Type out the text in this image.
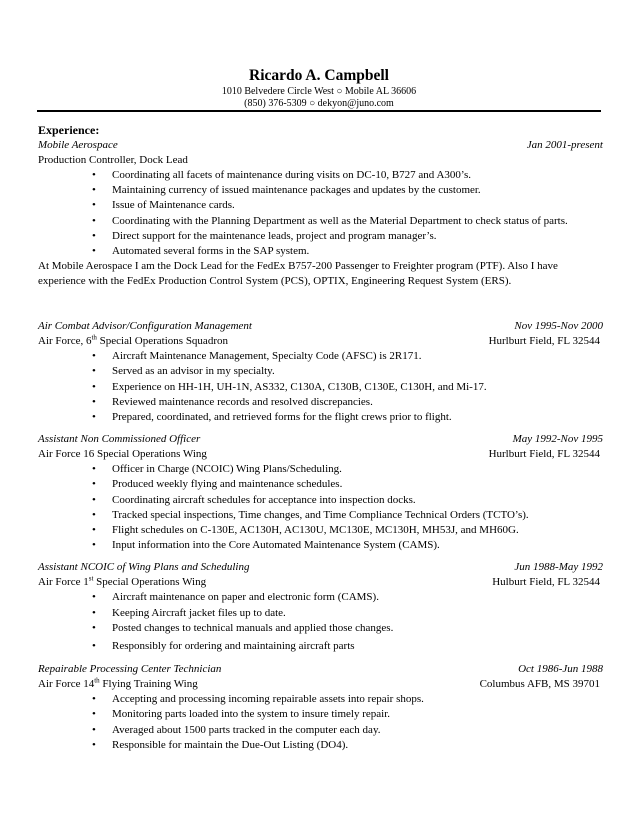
Ricardo A. Campbell
1010 Belvedere Circle West ○ Mobile AL 36606
(850) 376-5309 ○ dekyon@juno.com
Experience:
Mobile Aerospace	Jan 2001-present
Production Controller, Dock Lead
• Coordinating all facets of maintenance during visits on DC-10, B727 and A300’s.
• Maintaining currency of issued maintenance packages and updates by the customer.
• Issue of Maintenance cards.
• Coordinating with the Planning Department as well as the Material Department to check status of parts.
• Direct support for the maintenance leads, project and program manager’s.
• Automated several forms in the SAP system.
At Mobile Aerospace I am the Dock Lead for the FedEx B757-200 Passenger to Freighter program (PTF). Also I have experience with the FedEx Production Control System (PCS), OPTIX, Engineering Request System (ERS).
Air Combat Advisor/Configuration Management	Nov 1995-Nov 2000
Air Force, 6th Special Operations Squadron	Hurlburt Field, FL 32544
• Aircraft Maintenance Management, Specialty Code (AFSC) is 2R171.
• Served as an advisor in my specialty.
• Experience on HH-1H, UH-1N, AS332, C130A, C130B, C130E, C130H, and Mi-17.
• Reviewed maintenance records and resolved discrepancies.
• Prepared, coordinated, and retrieved forms for the flight crews prior to flight.
Assistant Non Commissioned Officer	May 1992-Nov 1995
Air Force 16 Special Operations Wing	Hurlburt Field, FL 32544
• Officer in Charge (NCOIC) Wing Plans/Scheduling.
• Produced weekly flying and maintenance schedules.
• Coordinating aircraft schedules for acceptance into inspection docks.
• Tracked special inspections, Time changes, and Time Compliance Technical Orders (TCTO’s).
• Flight schedules on C-130E, AC130H, AC130U, MC130E, MC130H, MH53J, and MH60G.
• Input information into the Core Automated Maintenance System (CAMS).
Assistant NCOIC of Wing Plans and Scheduling	Jun 1988-May 1992
Air Force 1st Special Operations Wing	Hulburt Field, FL 32544
• Aircraft maintenance on paper and electronic form (CAMS).
• Keeping Aircraft jacket files up to date.
• Posted changes to technical manuals and applied those changes.
• Responsibly for ordering and maintaining aircraft parts
Repairable Processing Center Technician	Oct 1986-Jun 1988
Air Force 14th Flying Training Wing	Columbus AFB, MS 39701
• Accepting and processing incoming repairable assets into repair shops.
• Monitoring parts loaded into the system to insure timely repair.
• Averaged about 1500 parts tracked in the computer each day.
• Responsible for maintain the Due-Out Listing (DO4).
